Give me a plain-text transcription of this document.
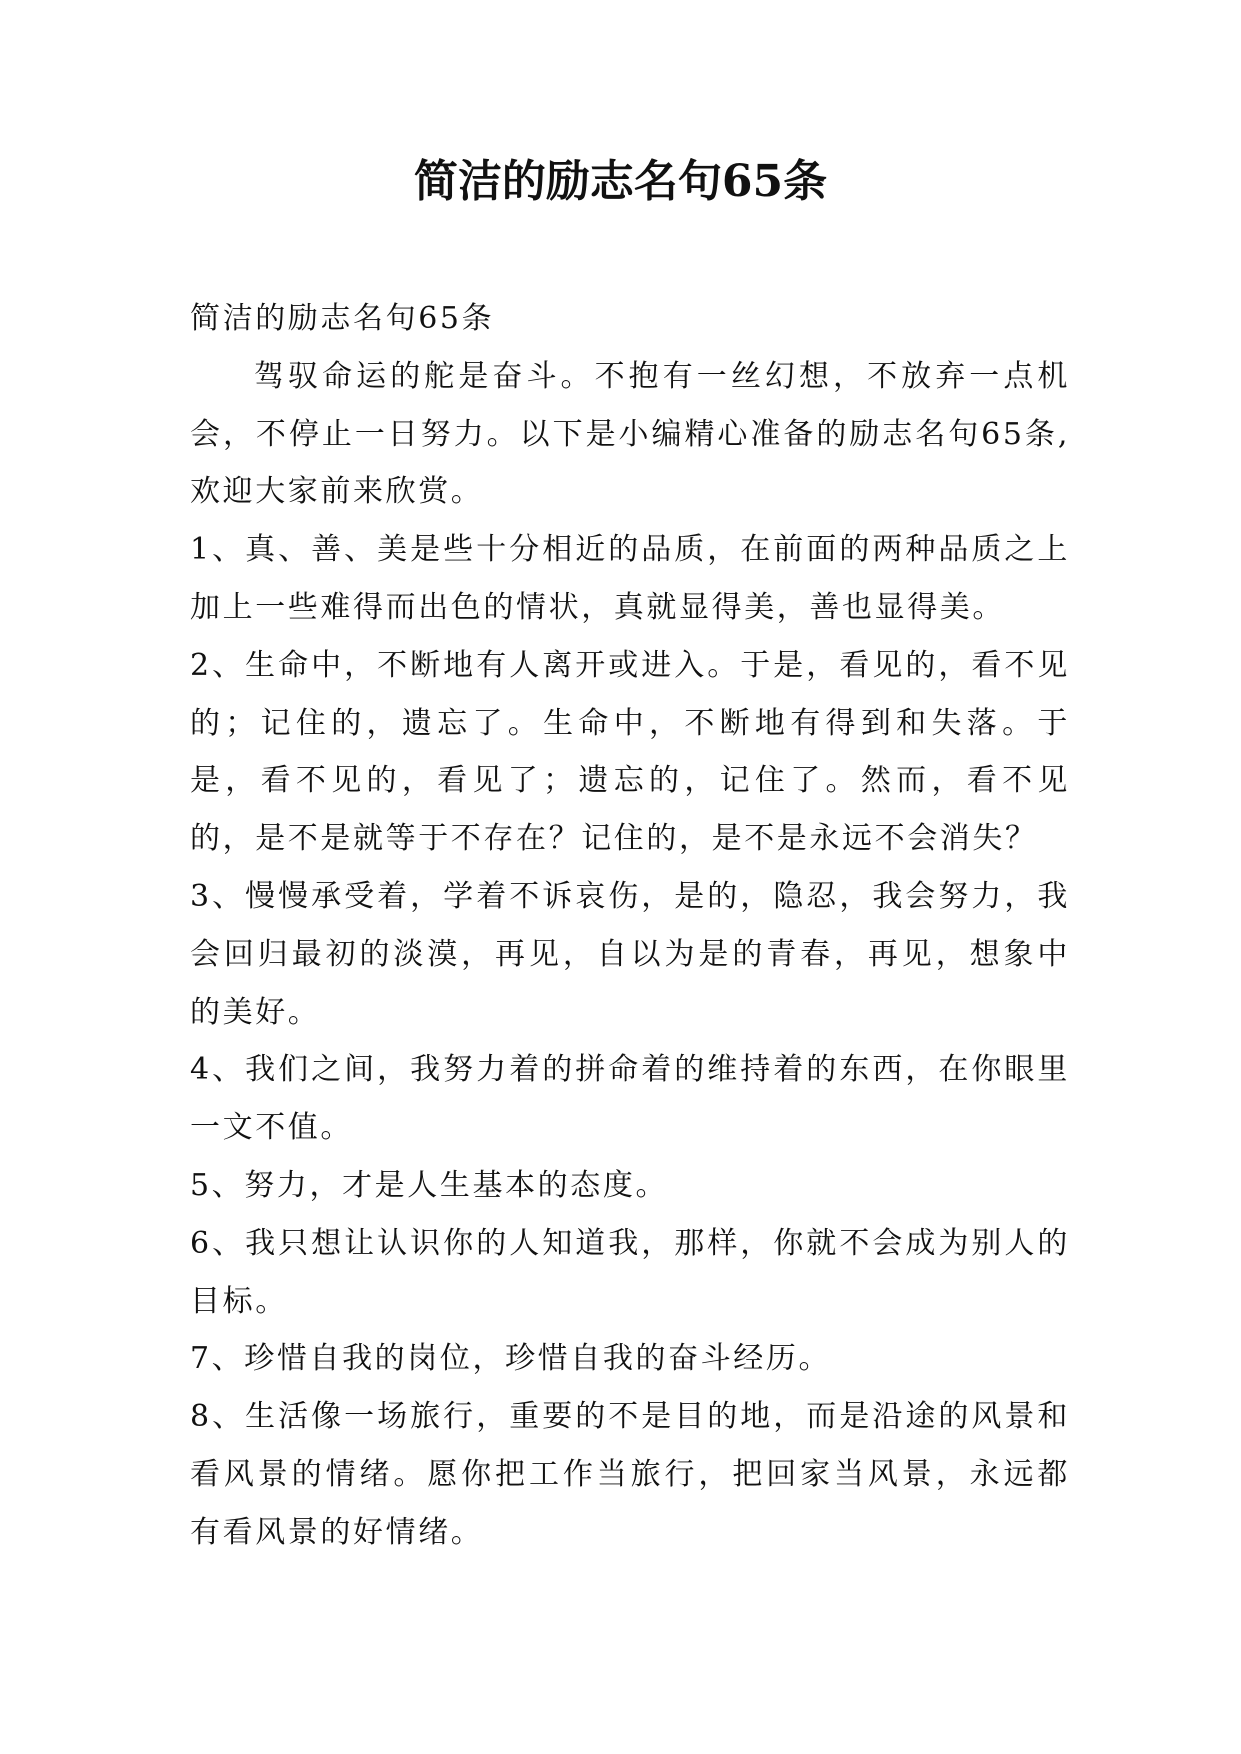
简洁的励志名句65条

简洁的励志名句65条

驾驭命运的舵是奋斗。不抱有一丝幻想，不放弃一点机会，不停止一日努力。以下是小编精心准备的励志名句65条,欢迎大家前来欣赏。

1、真、善、美是些十分相近的品质，在前面的两种品质之上加上一些难得而出色的情状，真就显得美，善也显得美。

2、生命中，不断地有人离开或进入。于是，看见的，看不见的；记住的，遗忘了。生命中，不断地有得到和失落。于是，看不见的，看见了；遗忘的，记住了。然而，看不见的，是不是就等于不存在？记住的，是不是永远不会消失？

3、慢慢承受着，学着不诉哀伤，是的，隐忍，我会努力，我会回归最初的淡漠，再见，自以为是的青春，再见，想象中的美好。

4、我们之间，我努力着的拼命着的维持着的东西，在你眼里一文不值。

5、努力，才是人生基本的态度。

6、我只想让认识你的人知道我，那样，你就不会成为别人的目标。

7、珍惜自我的岗位，珍惜自我的奋斗经历。

8、生活像一场旅行，重要的不是目的地，而是沿途的风景和看风景的情绪。愿你把工作当旅行，把回家当风景，永远都有看风景的好情绪。
